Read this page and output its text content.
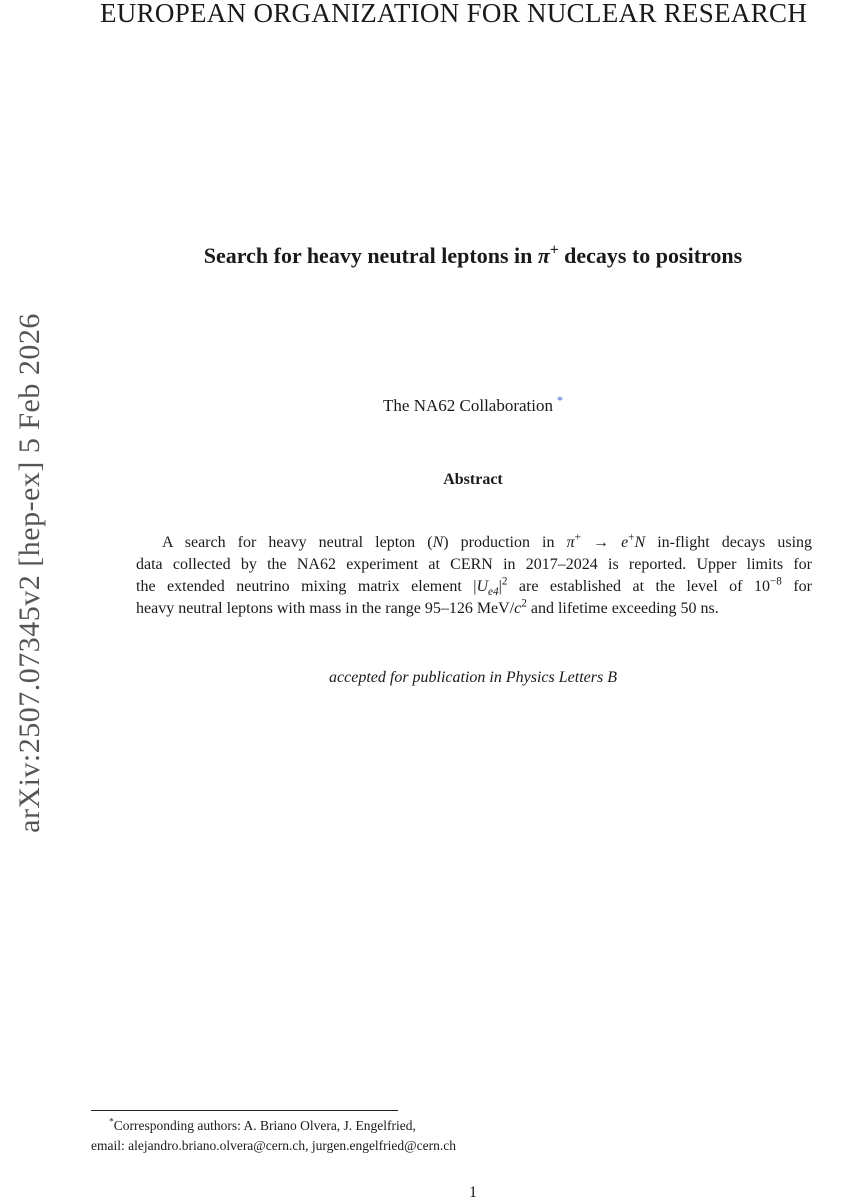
EUROPEAN ORGANIZATION FOR NUCLEAR RESEARCH
arXiv:2507.07345v2 [hep-ex] 5 Feb 2026
Search for heavy neutral leptons in π+ decays to positrons
The NA62 Collaboration *
Abstract
A search for heavy neutral lepton (N) production in π+ → e+N in-flight decays using
data collected by the NA62 experiment at CERN in 2017–2024 is reported. Upper limits for
the extended neutrino mixing matrix element $|U_{e4}|^2$ are established at the level of $10^{-8}$ for
heavy neutral leptons with mass in the range 95–126 MeV/$c^2$ and lifetime exceeding 50 ns.
accepted for publication in Physics Letters B
*Corresponding authors: A. Briano Olvera, J. Engelfried,
email: alejandro.briano.olvera@cern.ch, jurgen.engelfried@cern.ch
1
